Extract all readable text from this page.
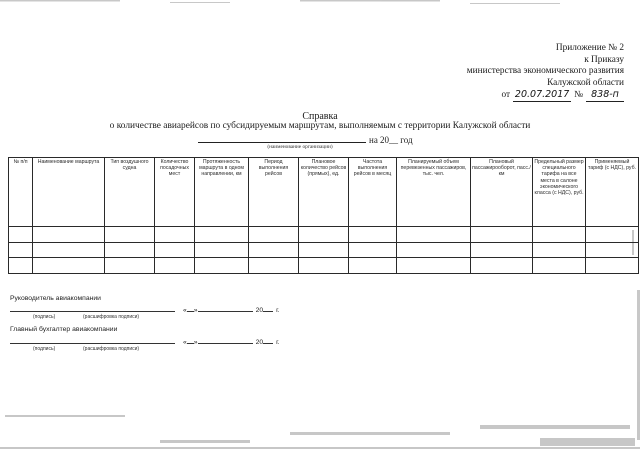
Приложение № 2
к Приказу
министерства экономического развития
Калужской области
от 20.07.2017 № 838-п
Справка
о количестве авиарейсов по субсидируемым маршрутам, выполняемым с территории Калужской области
на 20__ год
(наименование организации)
№ п/п	Наименование маршрута	Тип воздушного судна	Количество посадочных мест	Протяженность маршрута в одном направлении, км	Период выполнения рейсов	Плановое количество рейсов (прямых), ед.	Частота выполнения рейсов в месяц	Планируемый объем перевезенных пассажиров, тыс. чел.	Плановый пассажирооборот, пасс./км	Предельный размер специального тарифа на все места в салоне экономического класса (с НДС), руб.	Применяемый тариф (с НДС), руб.

Руководитель авиакомпании
« »	20 г.
(подпись)	(расшифровка подписи)
Главный бухгалтер авиакомпании
« »	20 г.
(подпись)	(расшифровка подписи)
